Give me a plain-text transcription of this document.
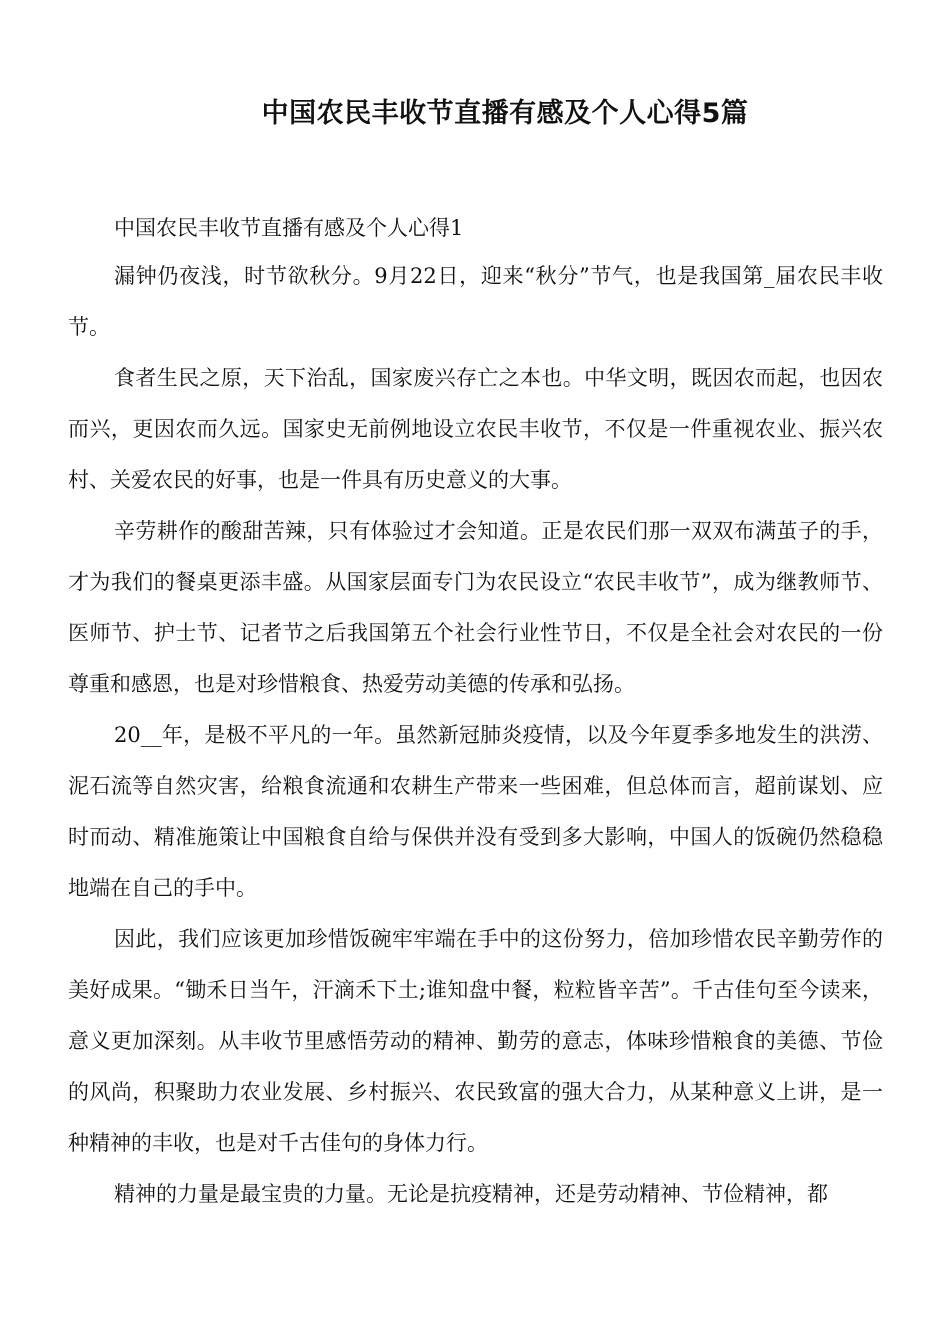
中国农民丰收节直播有感及个人心得5篇
中国农民丰收节直播有感及个人心得1

漏钟仍夜浅，时节欲秋分。9月22日，迎来“秋分”节气，也是我国第_届农民丰收节。

食者生民之原，天下治乱，国家废兴存亡之本也。中华文明，既因农而起，也因农而兴，更因农而久远。国家史无前例地设立农民丰收节，不仅是一件重视农业、振兴农村、关爱农民的好事，也是一件具有历史意义的大事。

辛劳耕作的酸甜苦辣，只有体验过才会知道。正是农民们那一双双布满茧子的手，才为我们的餐桌更添丰盛。从国家层面专门为农民设立“农民丰收节”，成为继教师节、医师节、护士节、记者节之后我国第五个社会行业性节日，不仅是全社会对农民的一份尊重和感恩，也是对珍惜粮食、热爱劳动美德的传承和弘扬。

20__年，是极不平凡的一年。虽然新冠肺炎疫情，以及今年夏季多地发生的洪涝、泥石流等自然灾害，给粮食流通和农耕生产带来一些困难，但总体而言，超前谋划、应时而动、精准施策让中国粮食自给与保供并没有受到多大影响，中国人的饭碗仍然稳稳地端在自己的手中。

因此，我们应该更加珍惜饭碗牢牢端在手中的这份努力，倍加珍惜农民辛勤劳作的美好成果。“锄禾日当午，汗滴禾下土;谁知盘中餐，粒粒皆辛苦”。千古佳句至今读来，意义更加深刻。从丰收节里感悟劳动的精神、勤劳的意志，体味珍惜粮食的美德、节俭的风尚，积聚助力农业发展、乡村振兴、农民致富的强大合力，从某种意义上讲，是一种精神的丰收，也是对千古佳句的身体力行。

精神的力量是最宝贵的力量。无论是抗疫精神，还是劳动精神、节俭精神，都
